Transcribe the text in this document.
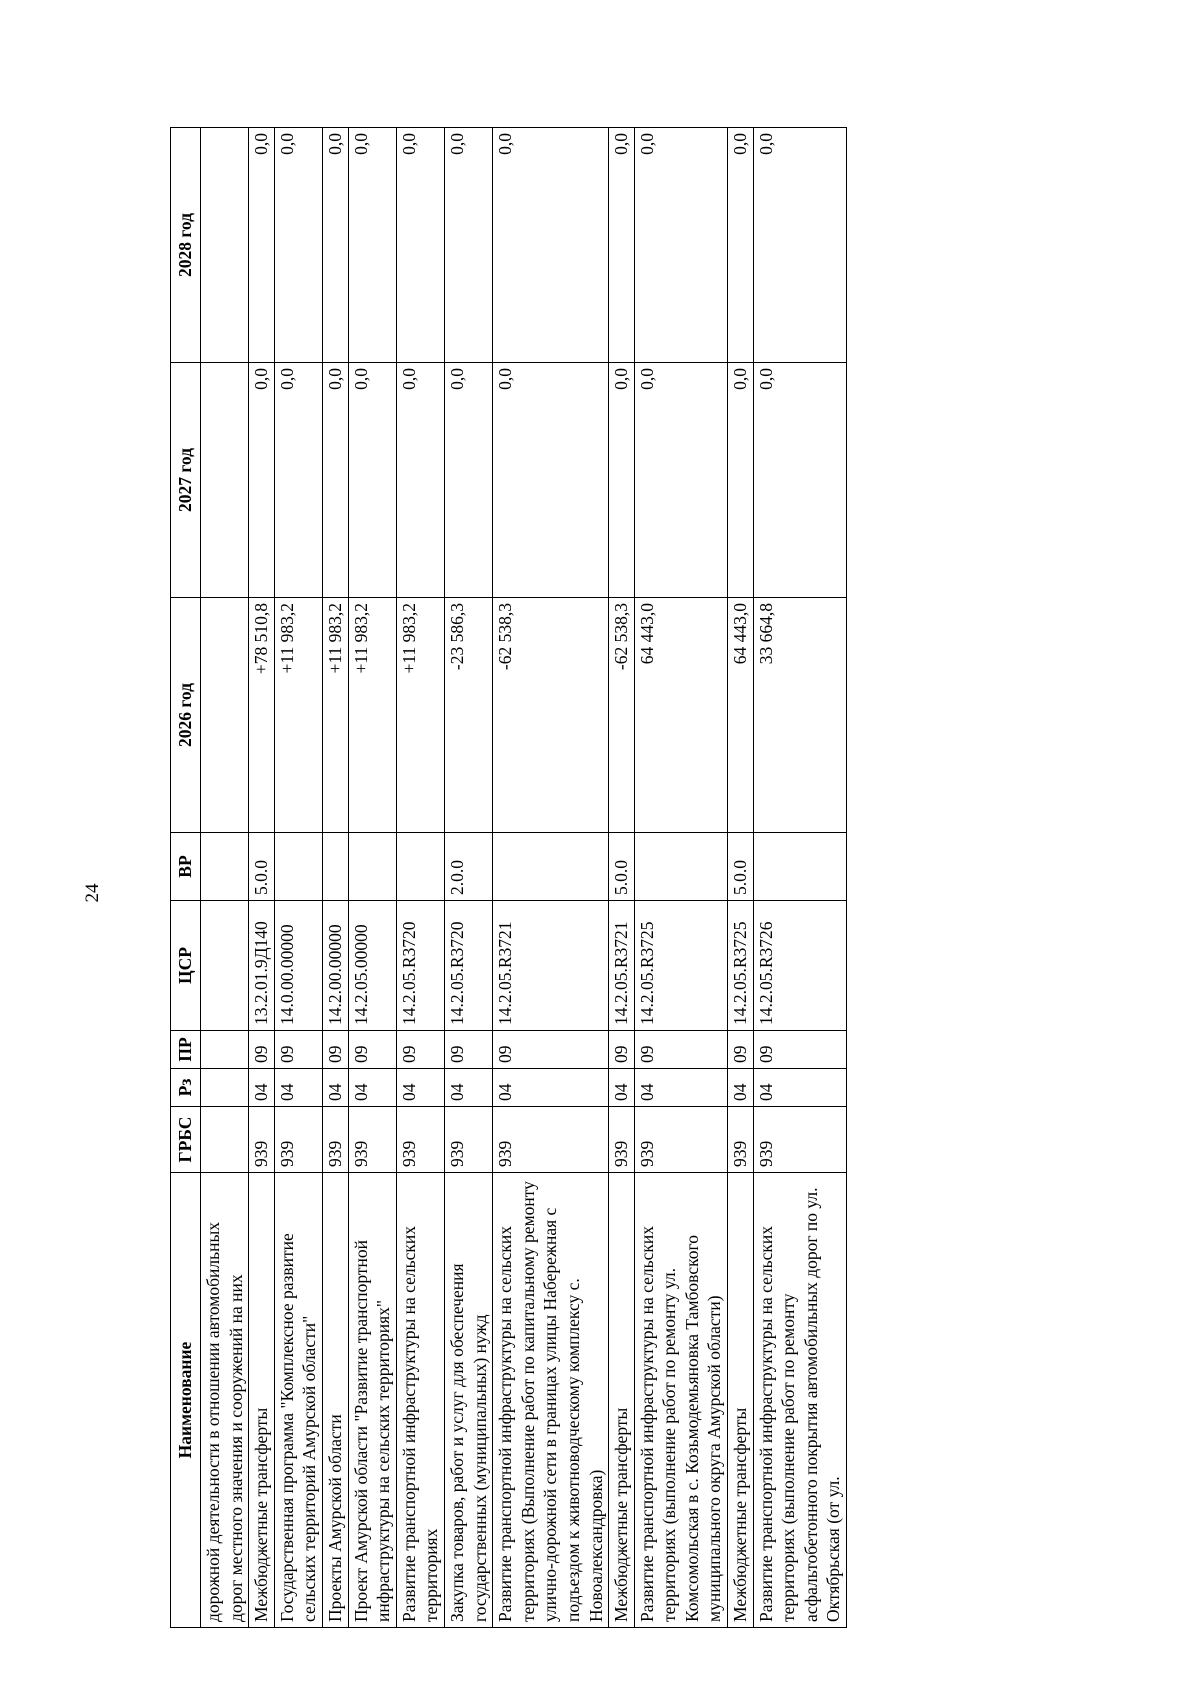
24
Наименование	ГРБС	Рз	ПР	ЦСР	ВР	2026 год	2027 год	2028 год
дорожной деятельности в отношении автомобильных дорог местного значения и сооружений на них								
Межбюджетные трансферты	939	04	09	13.2.01.9Д140	5.0.0	+78 510,8	0,0	0,0
Государственная программа "Комплексное развитие сельских территорий Амурской области"	939	04	09	14.0.00.00000		+11 983,2	0,0	0,0
Проекты Амурской области	939	04	09	14.2.00.00000		+11 983,2	0,0	0,0
Проект Амурской области "Развитие транспортной инфраструктуры на сельских территориях"	939	04	09	14.2.05.00000		+11 983,2	0,0	0,0
Развитие транспортной инфраструктуры на сельских территориях	939	04	09	14.2.05.R3720		+11 983,2	0,0	0,0
Закупка товаров, работ и услуг для обеспечения государственных (муниципальных) нужд	939	04	09	14.2.05.R3720	2.0.0	-23 586,3	0,0	0,0
Развитие транспортной инфраструктуры на сельских территориях (Выполнение работ по капитальному ремонту улично-дорожной сети в границах улицы Набережная с подъездом к животноводческому комплексу с. Новоалександровка)	939	04	09	14.2.05.R3721		-62 538,3	0,0	0,0
Межбюджетные трансферты	939	04	09	14.2.05.R3721	5.0.0	-62 538,3	0,0	0,0
Развитие транспортной инфраструктуры на сельских территориях (выполнение работ по ремонту ул. Комсомольская в с. Козьмодемьяновка Тамбовского муниципального округа Амурской области)	939	04	09	14.2.05.R3725		64 443,0	0,0	0,0
Межбюджетные трансферты	939	04	09	14.2.05.R3725	5.0.0	64 443,0	0,0	0,0
Развитие транспортной инфраструктуры на сельских территориях (выполнение работ по ремонту асфальтобетонного покрытия автомобильных дорог по ул. Октябрьская (от ул.	939	04	09	14.2.05.R3726		33 664,8	0,0	0,0
